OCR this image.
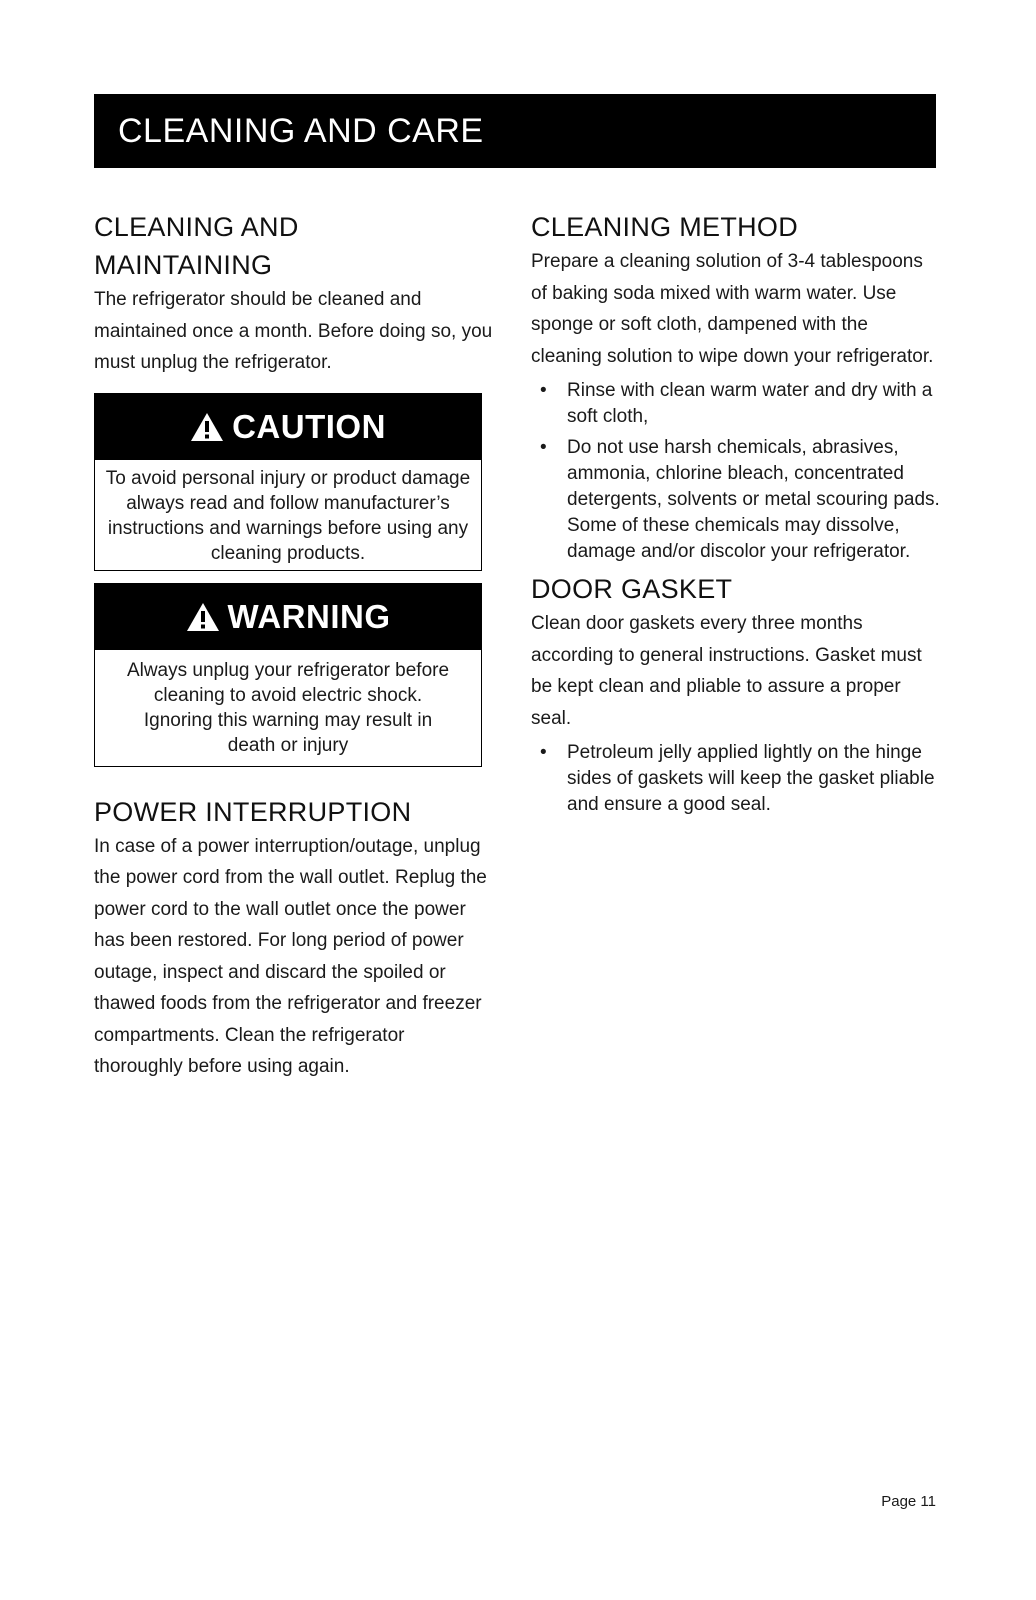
CLEANING AND CARE
CLEANING AND MAINTAINING

The refrigerator should be cleaned and maintained once a month. Before doing so, you must unplug the refrigerator.

CAUTION
To avoid personal injury or product damage always read and follow manufacturer’s instructions and warnings before using any cleaning products.
WARNING
Always unplug your refrigerator before cleaning to avoid electric shock. Ignoring this warning may result in death or injury
POWER INTERRUPTION

In case of a power interruption/outage, unplug the power cord from the wall outlet. Replug the power cord to the wall outlet once the power has been restored. For long period of power outage, inspect and discard the spoiled or thawed foods from the refrigerator and freezer compartments. Clean the refrigerator thoroughly before using again.

CLEANING METHOD

Prepare a cleaning solution of 3-4 tablespoons of baking soda mixed with warm water. Use sponge or soft cloth, dampened with the cleaning solution to wipe down your refrigerator.

• Rinse with clean warm water and dry with a soft cloth,
• Do not use harsh chemicals, abrasives, ammonia, chlorine bleach, concentrated detergents, solvents or metal scouring pads. Some of these chemicals may dissolve, damage and/or discolor your refrigerator.
DOOR GASKET

Clean door gaskets every three months according to general instructions. Gasket must be kept clean and pliable to assure a proper seal.

• Petroleum jelly applied lightly on the hinge sides of gaskets will keep the gasket pliable and ensure a good seal.
Page 11
